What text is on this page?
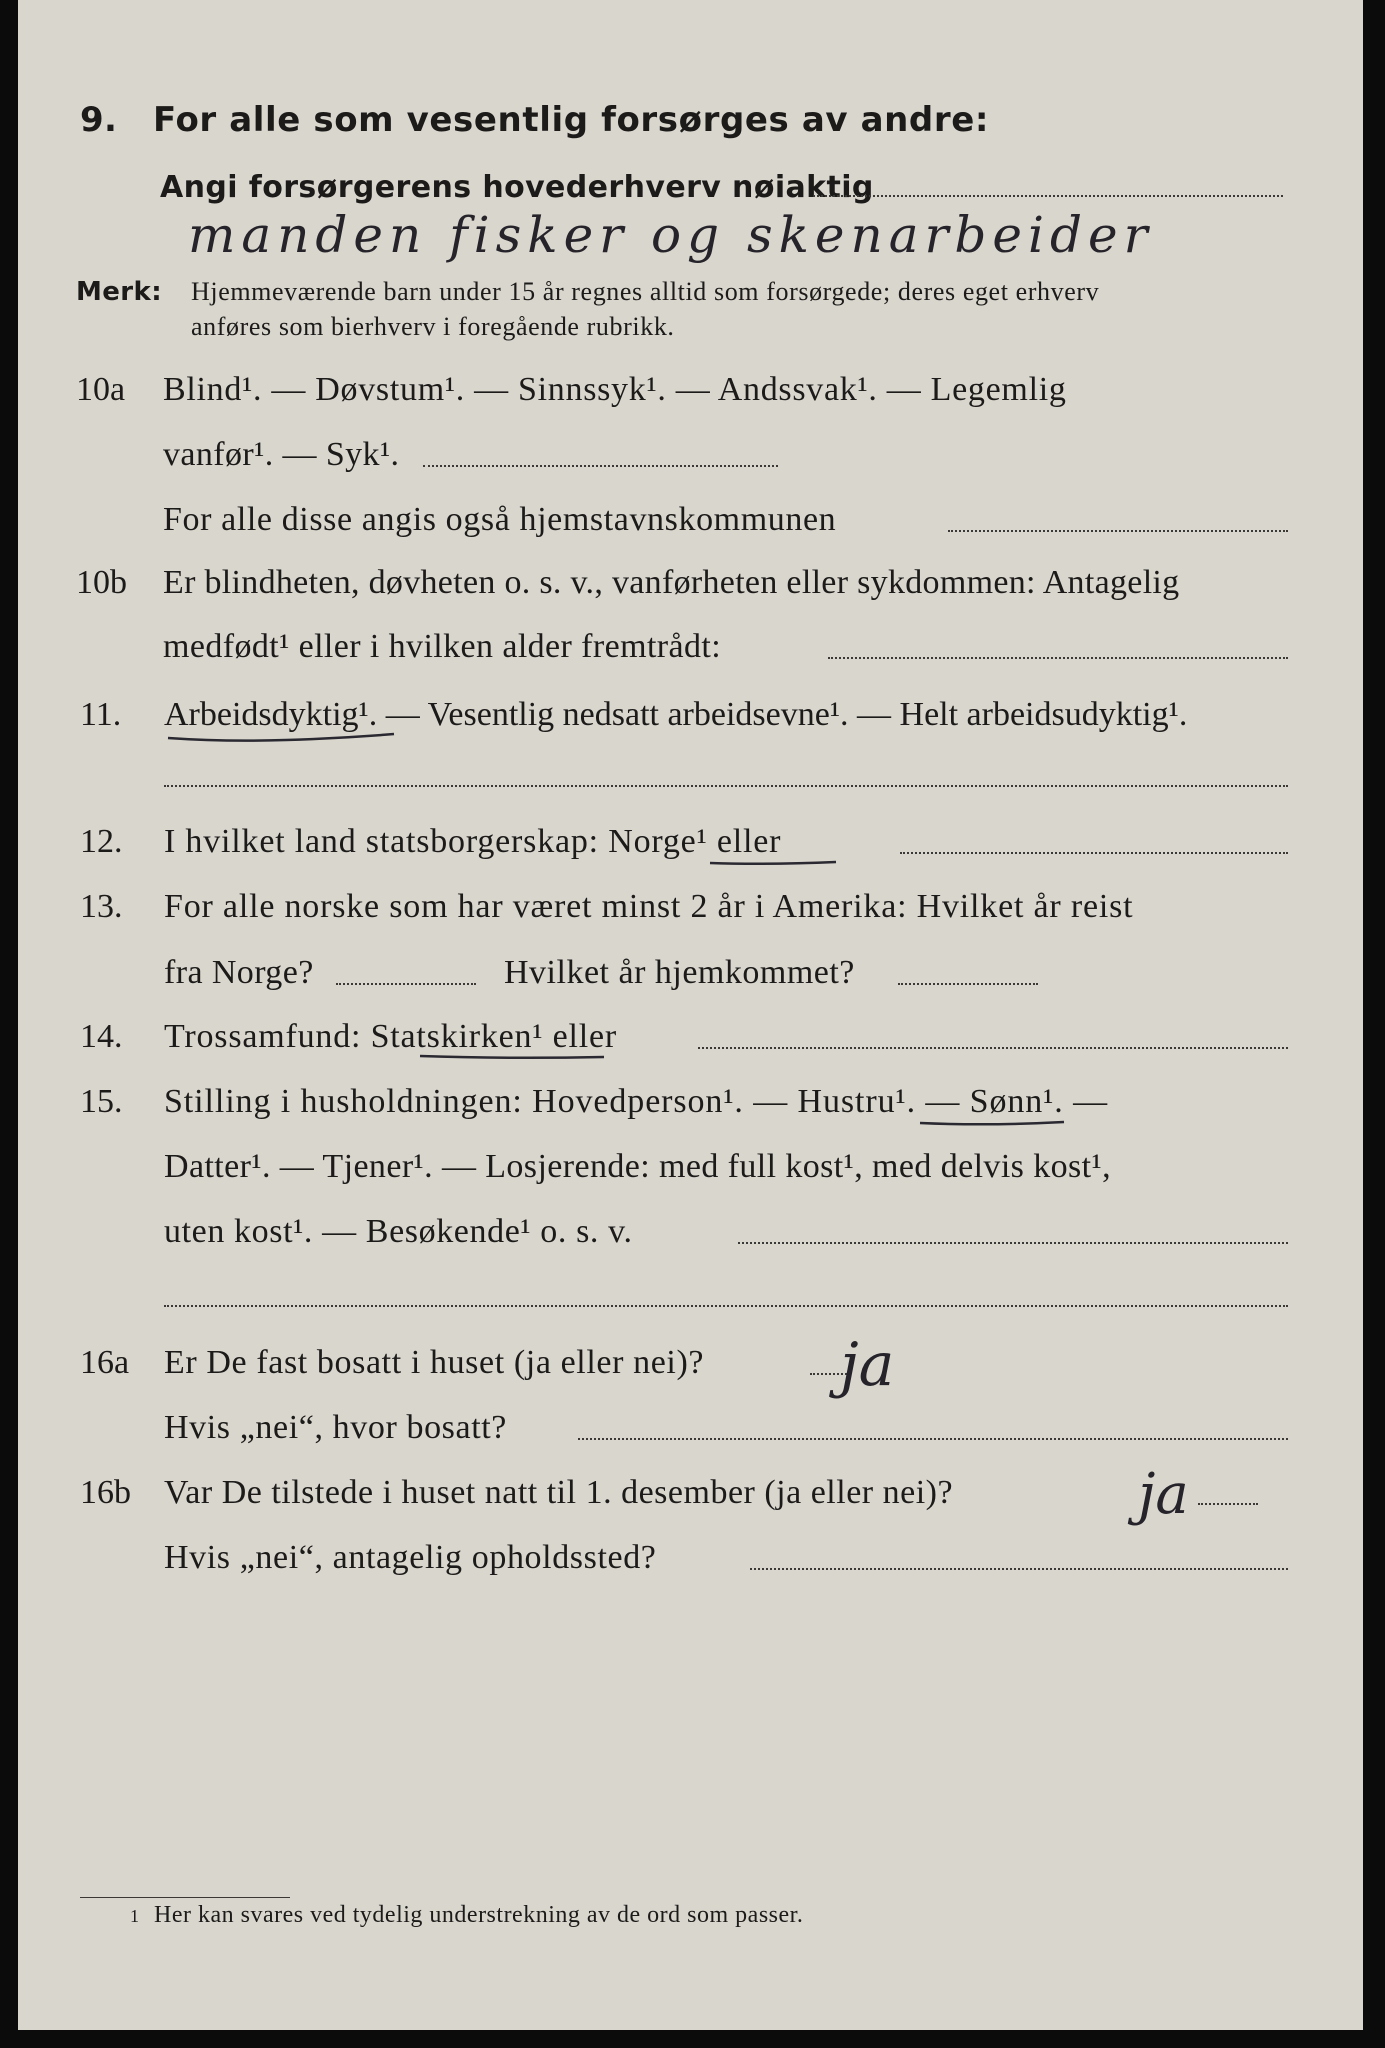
9. For alle som vesentlig forsørges av andre:
Angi forsørgerens hovederhverv nøiaktig
manden fisker og skenarbeider
Merk: Hjemmeværende barn under 15 år regnes alltid som forsørgede; deres eget erhverv
anføres som bierhverv i foregående rubrikk.
10a Blind¹. — Døvstum¹. — Sinnssyk¹. — Andssvak¹. — Legemlig
vanfør¹. — Syk¹.
For alle disse angis også hjemstavnskommunen
10b Er blindheten, døvheten o. s. v., vanførheten eller sykdommen: Antagelig
medfødt¹ eller i hvilken alder fremtrådt:
11. Arbeidsdyktig¹. — Vesentlig nedsatt arbeidsevne¹. — Helt arbeidsudyktig¹.
12. I hvilket land statsborgerskap: Norge¹ eller
13. For alle norske som har været minst 2 år i Amerika: Hvilket år reist
fra Norge?	Hvilket år hjemkommet?
14. Trossamfund: Statskirken¹ eller
15. Stilling i husholdningen: Hovedperson¹. — Hustru¹. — Sønn¹. —
Datter¹. — Tjener¹. — Losjerende: med full kost¹, med delvis kost¹,
uten kost¹. — Besøkende¹ o. s. v.
16a Er De fast bosatt i huset (ja eller nei)? ja
Hvis „nei“, hvor bosatt?
16b Var De tilstede i huset natt til 1. desember (ja eller nei)?	ja
Hvis „nei“, antagelig opholdssted?
1 Her kan svares ved tydelig understrekning av de ord som passer.
